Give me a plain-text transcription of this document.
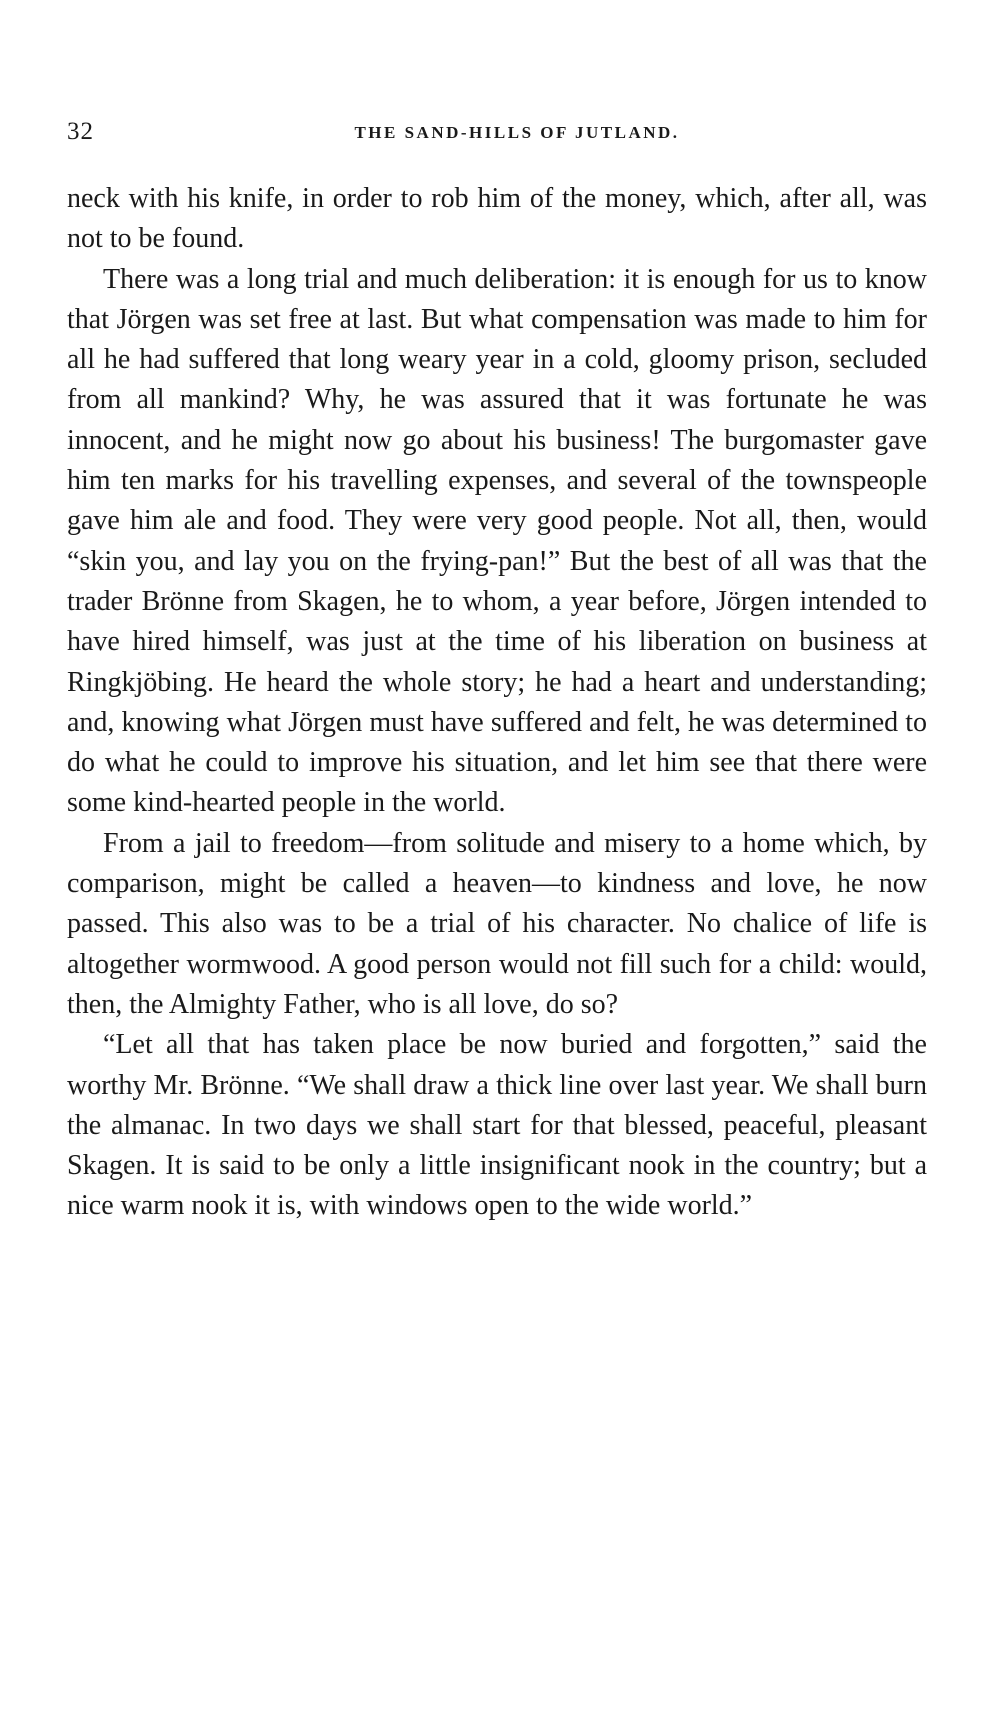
32	THE SAND-HILLS OF JUTLAND.

neck with his knife, in order to rob him of the money, which, after all, was not to be found.

There was a long trial and much deliberation: it is enough for us to know that Jörgen was set free at last. But what compensation was made to him for all he had suffered that long weary year in a cold, gloomy prison, secluded from all mankind? Why, he was assured that it was fortunate he was innocent, and he might now go about his business! The burgomaster gave him ten marks for his travelling expenses, and several of the townspeople gave him ale and food. They were very good people. Not all, then, would “skin you, and lay you on the frying-pan!” But the best of all was that the trader Brönne from Skagen, he to whom, a year before, Jörgen intended to have hired himself, was just at the time of his liberation on business at Ringkjöbing. He heard the whole story; he had a heart and understanding; and, knowing what Jörgen must have suffered and felt, he was determined to do what he could to improve his situation, and let him see that there were some kind-hearted people in the world.

From a jail to freedom—from solitude and misery to a home which, by comparison, might be called a heaven—to kindness and love, he now passed. This also was to be a trial of his character. No chalice of life is altogether wormwood. A good person would not fill such for a child: would, then, the Almighty Father, who is all love, do so?

“Let all that has taken place be now buried and forgotten,” said the worthy Mr. Brönne. “We shall draw a thick line over last year. We shall burn the almanac. In two days we shall start for that blessed, peaceful, pleasant Skagen. It is said to be only a little insignificant nook in the country; but a nice warm nook it is, with windows open to the wide world.”
